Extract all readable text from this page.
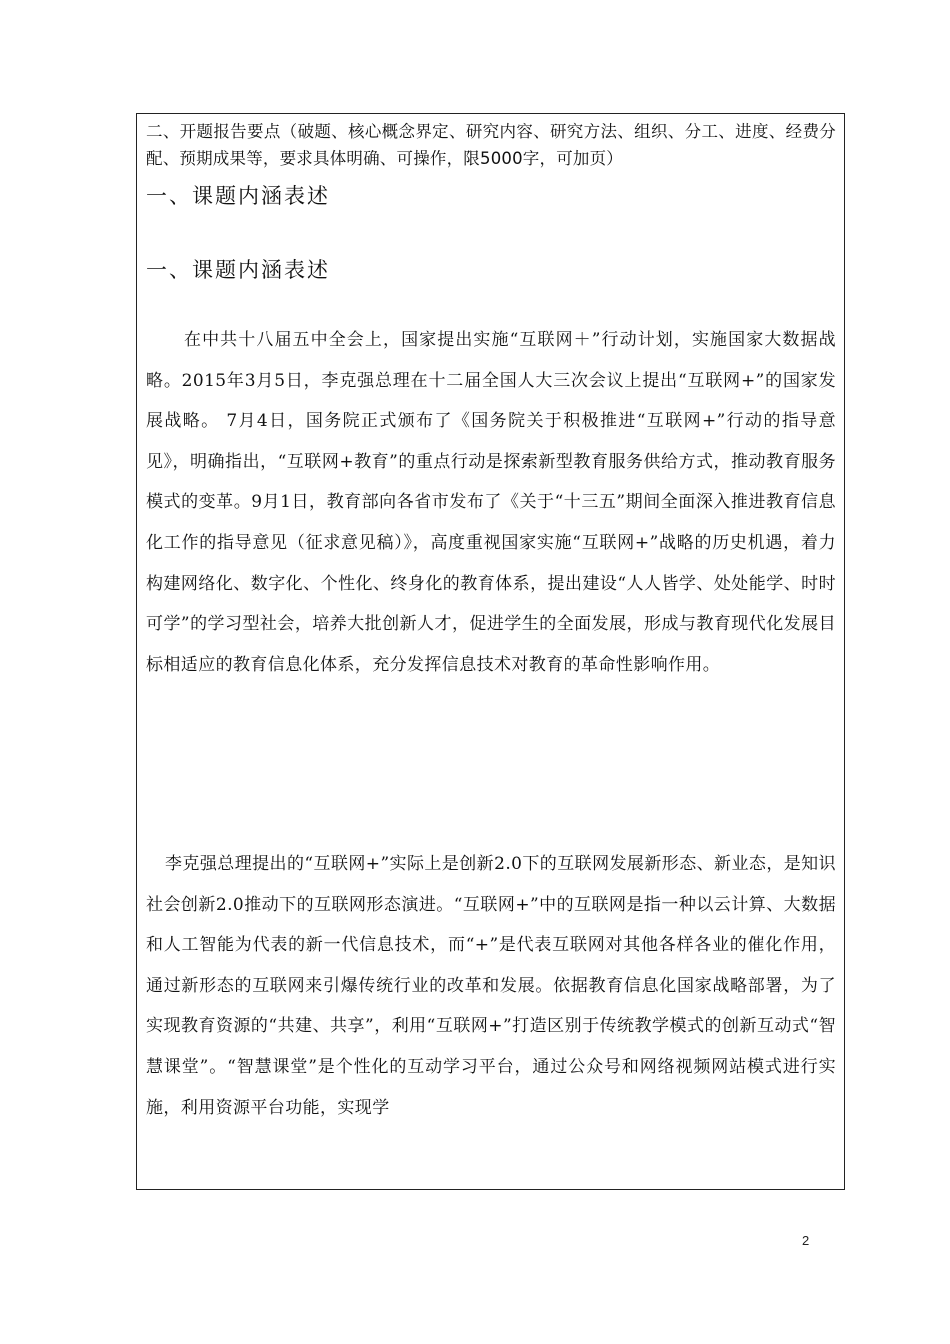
二、开题报告要点（破题、核心概念界定、研究内容、研究方法、组织、分工、进度、经费分配、预期成果等，要求具体明确、可操作，限5000字，可加页）
一、课题内涵表述
一、课题内涵表述

在中共十八届五中全会上，国家提出实施“互联网＋”行动计划，实施国家大数据战略。2015年3月5日，李克强总理在十二届全国人大三次会议上提出“互联网+”的国家发展战略。 7月4日，国务院正式颁布了《国务院关于积极推进“互联网+”行动的指导意见》，明确指出，“互联网+教育”的重点行动是探索新型教育服务供给方式，推动教育服务模式的变革。9月1日，教育部向各省市发布了《关于“十三五”期间全面深入推进教育信息化工作的指导意见（征求意见稿）》，高度重视国家实施“互联网+”战略的历史机遇，着力构建网络化、数字化、个性化、终身化的教育体系，提出建设“人人皆学、处处能学、时时可学”的学习型社会，培养大批创新人才，促进学生的全面发展，形成与教育现代化发展目标相适应的教育信息化体系，充分发挥信息技术对教育的革命性影响作用。

李克强总理提出的“互联网+”实际上是创新2.0下的互联网发展新形态、新业态，是知识社会创新2.0推动下的互联网形态演进。“互联网+”中的互联网是指一种以云计算、大数据和人工智能为代表的新一代信息技术，而“+”是代表互联网对其他各样各业的催化作用，通过新形态的互联网来引爆传统行业的改革和发展。依据教育信息化国家战略部署，为了实现教育资源的“共建、共享”，利用“互联网+”打造区别于传统教学模式的创新互动式“智慧课堂”。“智慧课堂”是个性化的互动学习平台，通过公众号和网络视频网站模式进行实施，利用资源平台功能，实现学

2
